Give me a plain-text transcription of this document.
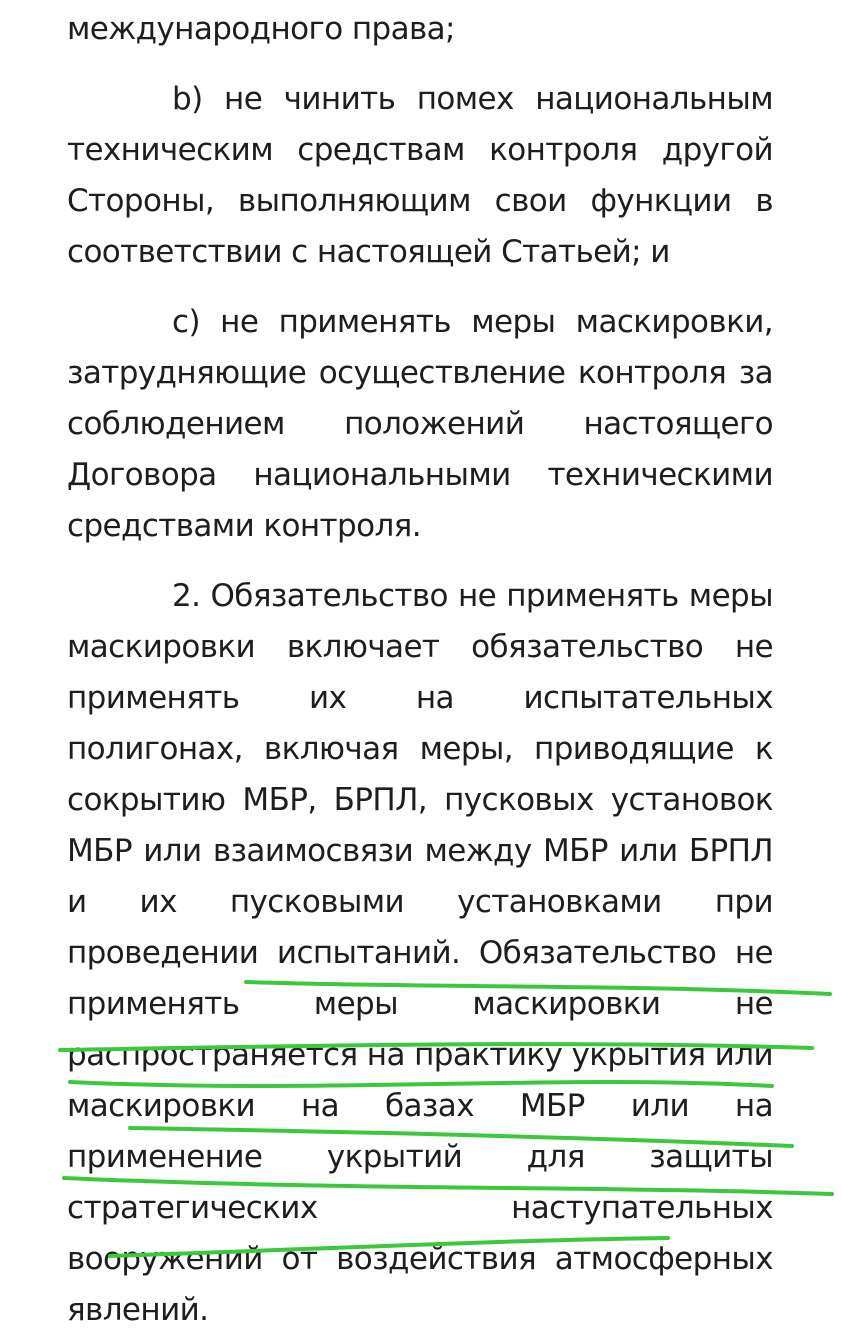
международного права;

b) не чинить помех национальным техническим средствам контроля другой Стороны, выполняющим свои функции в соответствии с настоящей Статьей; и

с) не применять меры маскировки, затрудняющие осуществление контроля за соблюдением положений настоящего Договора национальными техническими средствами контроля.

2. Обязательство не применять меры маскировки включает обязательство не применять их на испытательных полигонах, включая меры, приводящие к сокрытию МБР, БРПЛ, пусковых установок МБР или взаимосвязи между МБР или БРПЛ и их пусковыми установками при проведении испытаний. Обязательство не применять меры маскировки не распространяется на практику укрытия или маскировки на базах МБР или на применение укрытий для защиты стратегических наступательных вооружений от воздействия атмосферных явлений.
